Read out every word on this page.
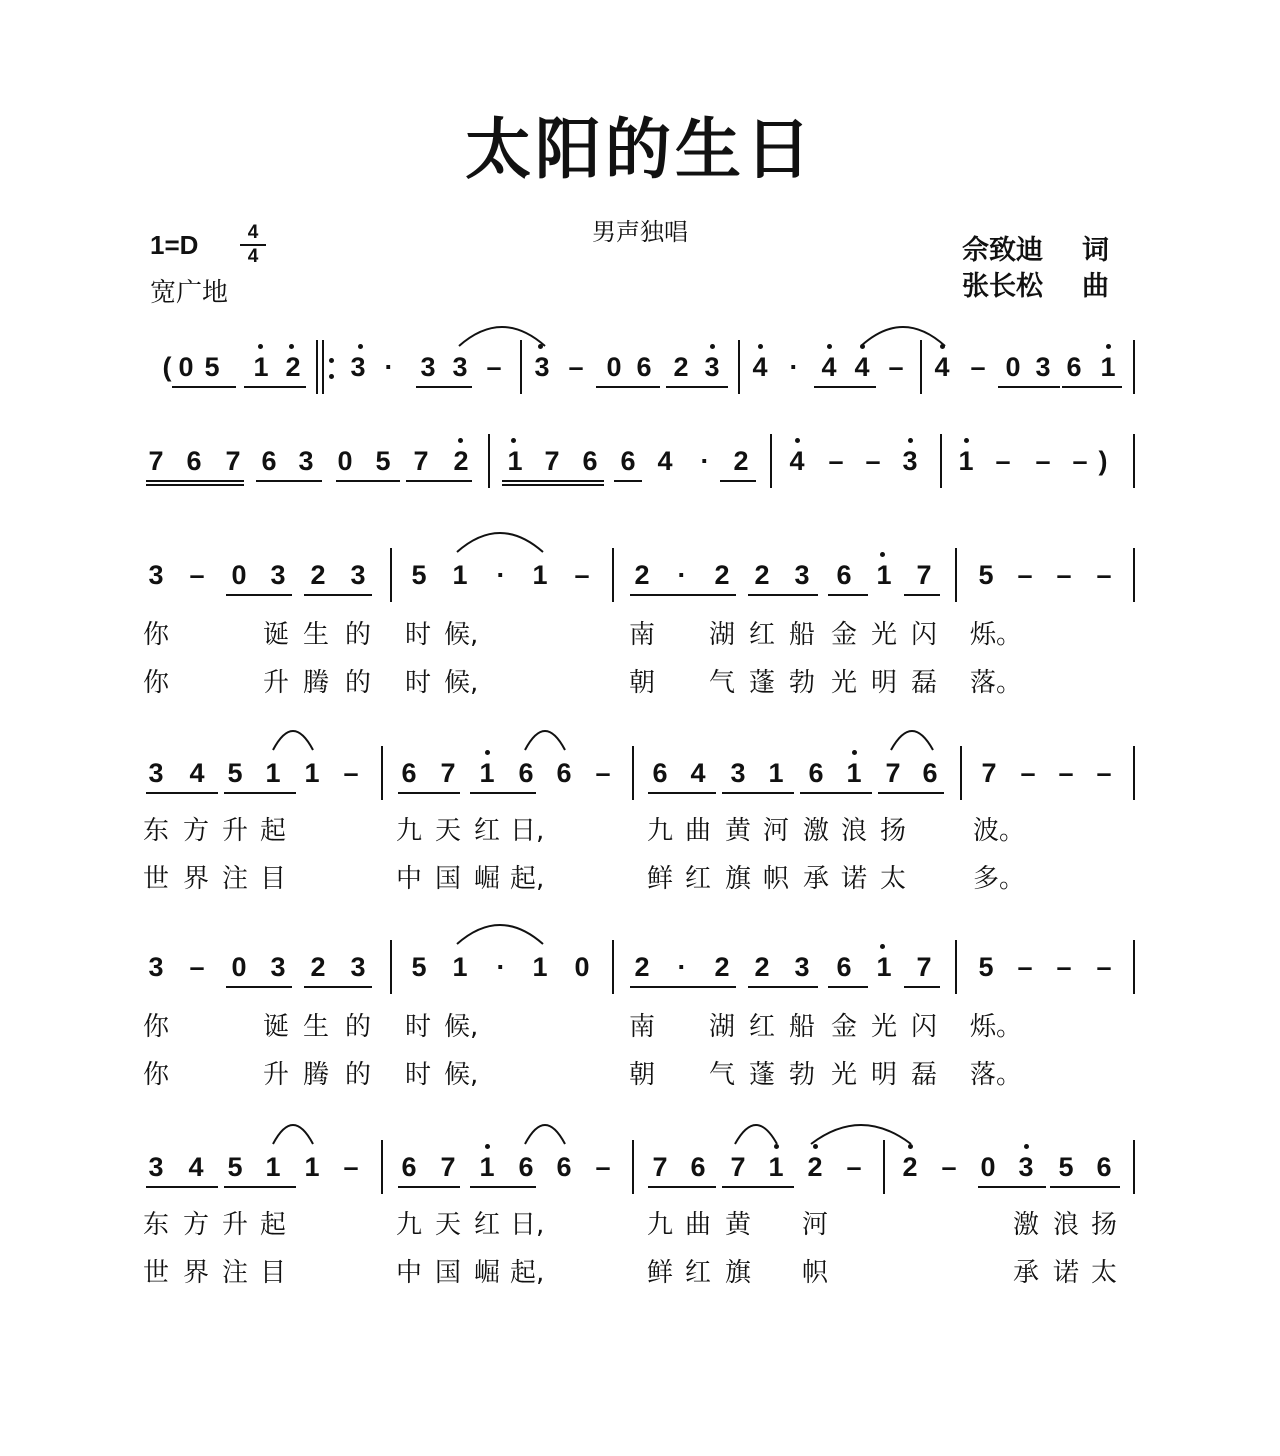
太阳的生日
男声独唱
1=D	4
4
宽广地
佘致迪 词
张长松 曲
0 5 1 2 3 · 3 3 – 3 – 0 6 2 3 4 · 4 4 – 4 – 0 3 6 1
7 6 7 6 3 0 5 7 2 1 7 6 6 4	· 2 4 – – 3 1 – – –
3 – 0 3 2 3 5 1	· 1 – 2	·	2 2 3 6 1 7 5 – – –
3 4 5 1 1 – 6 7 1 6 6 – 6 4 3 1 6 1 7 6 7 – – –
3 – 0 3 2 3 5 1	· 1 0 2	·	2 2 3 6 1 7 5 – – –
3 4 5 1 1 – 6 7 1 6 6 – 7 6 7 1 2 – 2 – 0 3 5 6
(
)
你	诞 生 的 时 候,	南 湖 红 船 金 光 闪 烁。
你	升 腾 的 时 候,	朝 气 蓬 勃 光 明 磊 落。
东 方 升 起	九 天 红 日,	九 曲 黄 河 激 浪 扬	波。
世 界 注 目	中 国 崛 起,	鲜 红 旗 帜 承 诺 太	多。
你	诞 生 的 时 候,	南 湖 红 船 金 光 闪 烁。
你	升 腾 的 时 候,	朝 气 蓬 勃 光 明 磊 落。
东 方 升 起	九 天 红 日,	九 曲 黄 河	激 浪 扬
世 界 注 目	中 国 崛 起,	鲜 红 旗 帜	承 诺 太
